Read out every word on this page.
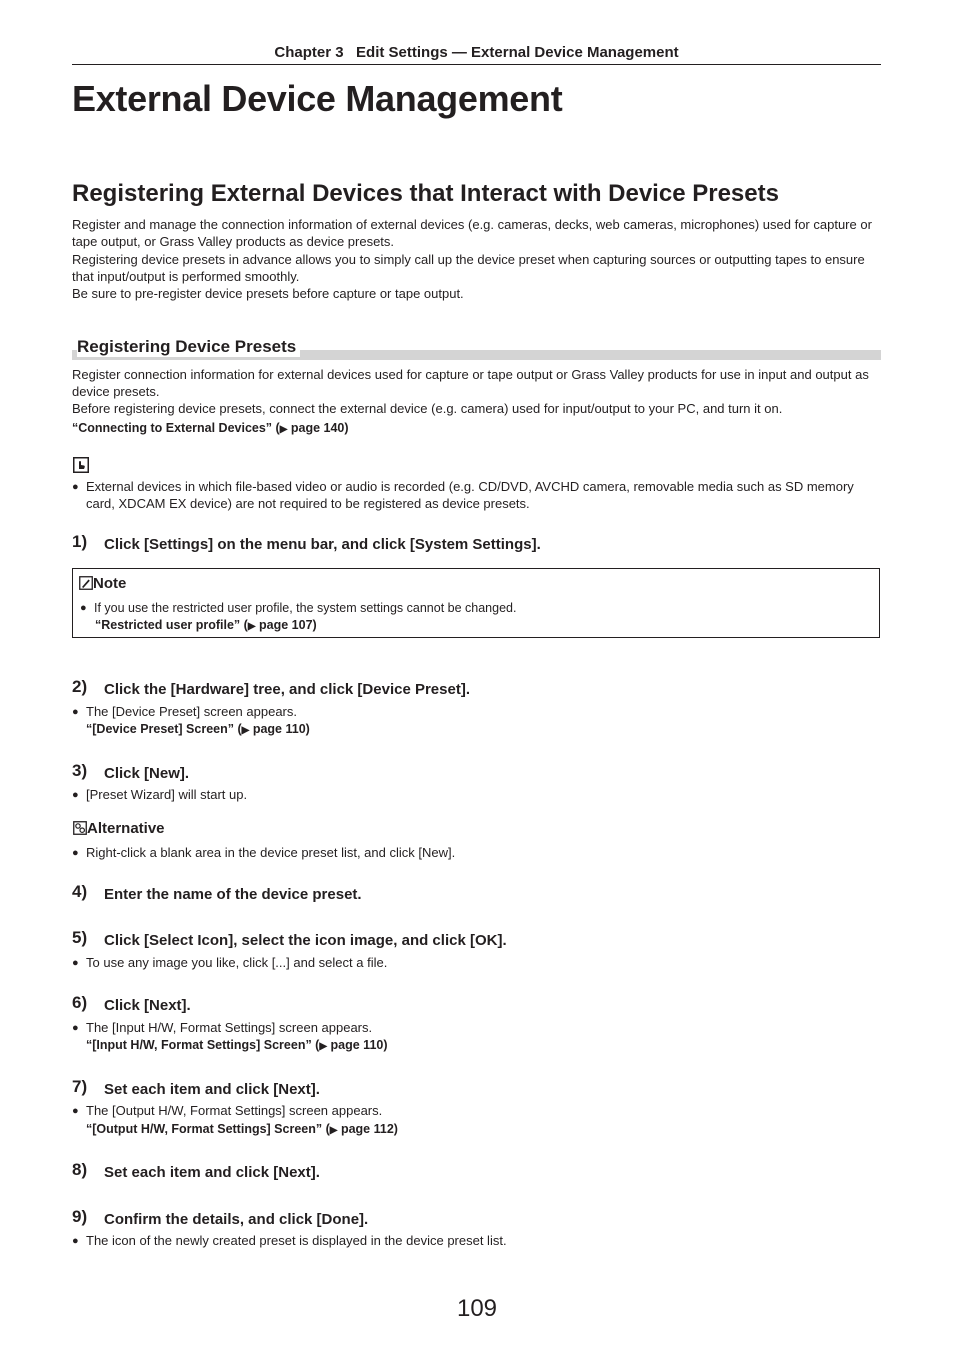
Chapter 3   Edit Settings — External Device Management
External Device Management
Registering External Devices that Interact with Device Presets
Register and manage the connection information of external devices (e.g. cameras, decks, web cameras, microphones) used for capture or tape output, or Grass Valley products as device presets.
Registering device presets in advance allows you to simply call up the device preset when capturing sources or outputting tapes to ensure that input/output is performed smoothly.
Be sure to pre-register device presets before capture or tape output.
Registering Device Presets
Register connection information for external devices used for capture or tape output or Grass Valley products for use in input and output as device presets.
Before registering device presets, connect the external device (e.g. camera) used for input/output to your PC, and turn it on.
“Connecting to External Devices” (▶ page 140)
● External devices in which file-based video or audio is recorded (e.g. CD/DVD, AVCHD camera, removable media such as SD memory card, XDCAM EX device) are not required to be registered as device presets.
1) Click [Settings] on the menu bar, and click [System Settings].
Note
● If you use the restricted user profile, the system settings cannot be changed.
“Restricted user profile” (▶ page 107)
2) Click the [Hardware] tree, and click [Device Preset].
● The [Device Preset] screen appears.
“[Device Preset] Screen” (▶ page 110)
3) Click [New].
● [Preset Wizard] will start up.
Alternative
● Right-click a blank area in the device preset list, and click [New].
4) Enter the name of the device preset.
5) Click [Select Icon], select the icon image, and click [OK].
● To use any image you like, click [...] and select a file.
6) Click [Next].
● The [Input H/W, Format Settings] screen appears.
“[Input H/W, Format Settings] Screen” (▶ page 110)
7) Set each item and click [Next].
● The [Output H/W, Format Settings] screen appears.
“[Output H/W, Format Settings] Screen” (▶ page 112)
8) Set each item and click [Next].
9) Confirm the details, and click [Done].
● The icon of the newly created preset is displayed in the device preset list.
109
